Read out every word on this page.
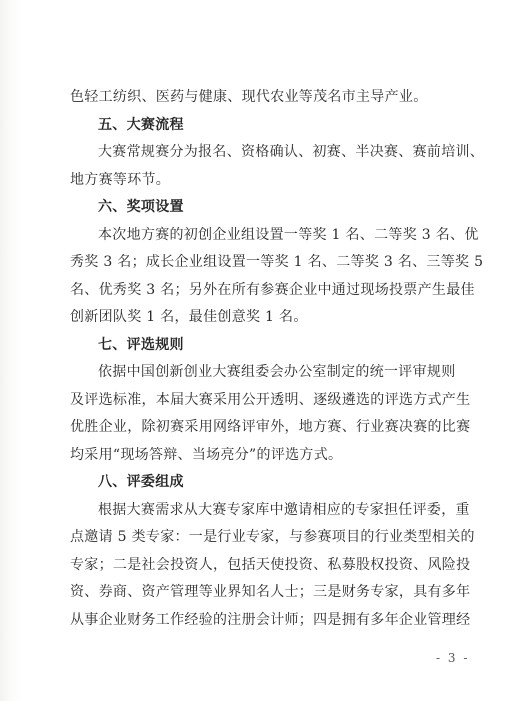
色轻工纺织、医药与健康、现代农业等茂名市主导产业。
五、大赛流程
大赛常规赛分为报名、资格确认、初赛、半决赛、赛前培训、
地方赛等环节。
六、奖项设置
本次地方赛的初创企业组设置一等奖 1 名、二等奖 3 名、优
秀奖 3 名；成长企业组设置一等奖 1 名、二等奖 3 名、三等奖 5
名、优秀奖 3 名；另外在所有参赛企业中通过现场投票产生最佳
创新团队奖 1 名，最佳创意奖 1 名。
七、评选规则
依据中国创新创业大赛组委会办公室制定的统一评审规则
及评选标准，本届大赛采用公开透明、逐级遴选的评选方式产生
优胜企业，除初赛采用网络评审外，地方赛、行业赛决赛的比赛
均采用“现场答辩、当场亮分”的评选方式。
八、评委组成
根据大赛需求从大赛专家库中邀请相应的专家担任评委，重
点邀请 5 类专家：一是行业专家，与参赛项目的行业类型相关的
专家；二是社会投资人，包括天使投资、私募股权投资、风险投
资、券商、资产管理等业界知名人士；三是财务专家，具有多年
从事企业财务工作经验的注册会计师；四是拥有多年企业管理经
- 3 -
